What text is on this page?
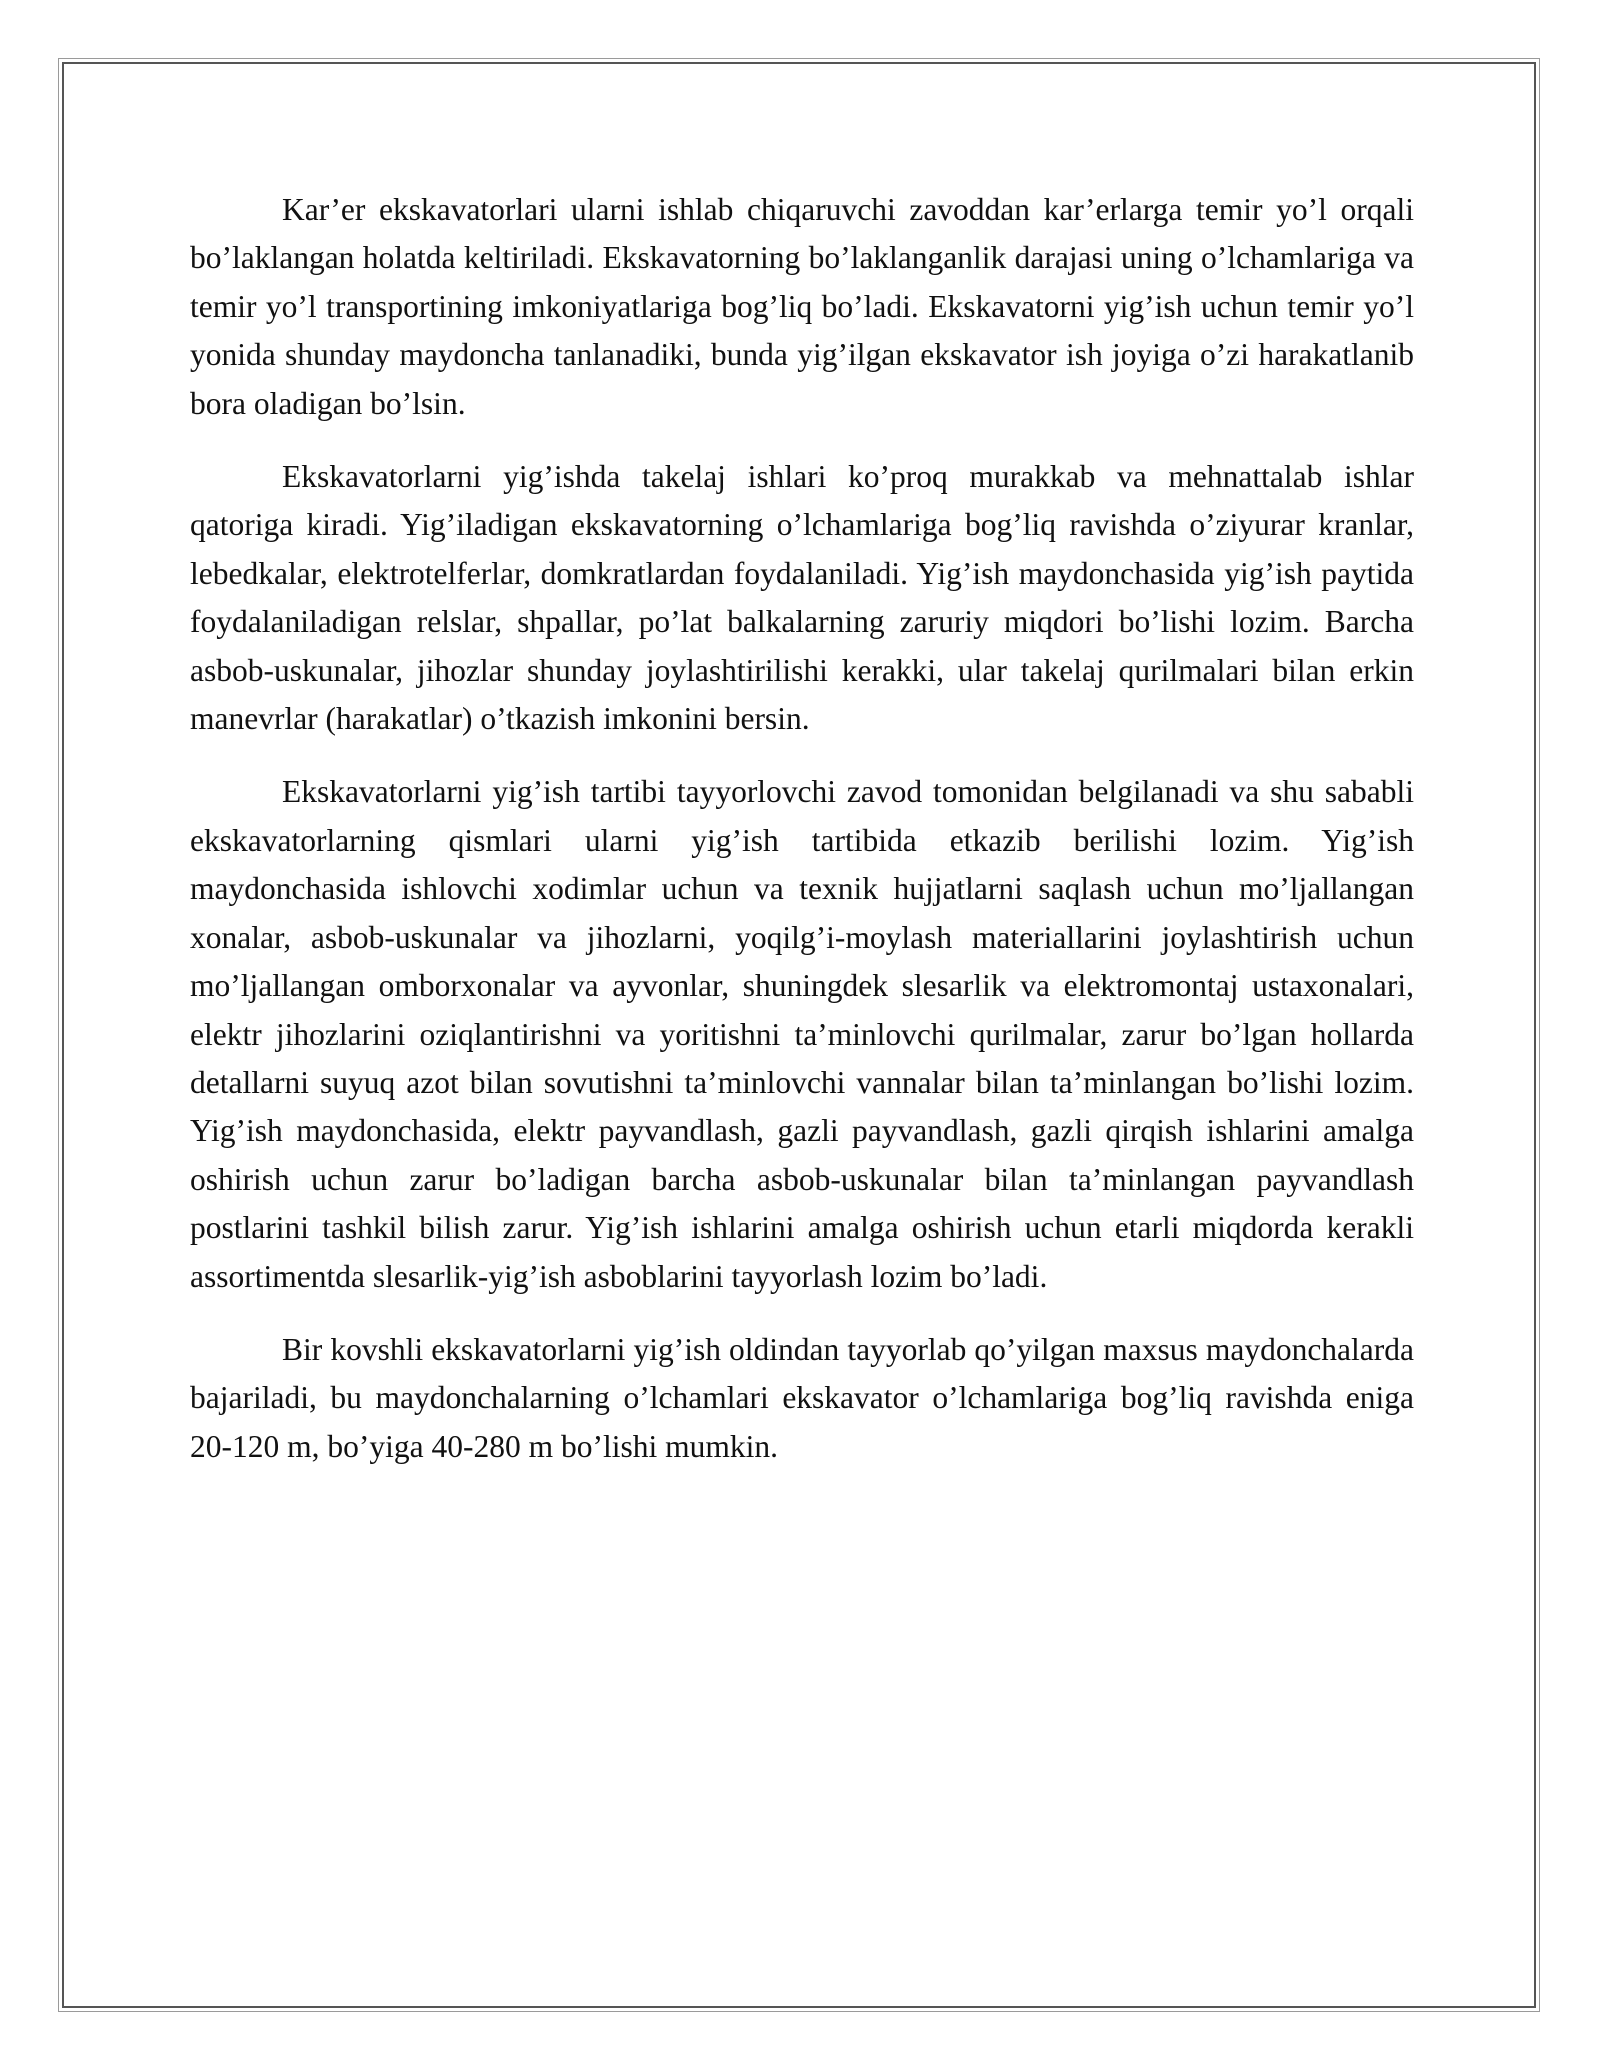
Kar’er ekskavatorlari ularni ishlab chiqaruvchi zavoddan kar’erlarga temir yo’l orqali bo’laklangan holatda keltiriladi. Ekskavatorning bo’laklanganlik darajasi uning o’lchamlariga va temir yo’l transportining imkoniyatlariga bog’liq bo’ladi. Ekskavatorni yig’ish uchun temir yo’l yonida shunday maydoncha tanlanadiki, bunda yig’ilgan ekskavator ish joyiga o’zi harakatlanib bora oladigan bo’lsin.

Ekskavatorlarni yig’ishda takelaj ishlari ko’proq murakkab va mehnattalab ishlar qatoriga kiradi. Yig’iladigan ekskavatorning o’lchamlariga bog’liq ravishda o’ziyurar kranlar, lebedkalar, elektrotelferlar, domkratlardan foydalaniladi. Yig’ish maydonchasida yig’ish paytida foydalaniladigan relslar, shpallar, po’lat balkalarning zaruriy miqdori bo’lishi lozim. Barcha asbob-uskunalar, jihozlar shunday joylashtirilishi kerakki, ular takelaj qurilmalari bilan erkin manevrlar (harakatlar) o’tkazish imkonini bersin.

Ekskavatorlarni yig’ish tartibi tayyorlovchi zavod tomonidan belgilanadi va shu sababli ekskavatorlarning qismlari ularni yig’ish tartibida etkazib berilishi lozim. Yig’ish maydonchasida ishlovchi xodimlar uchun va texnik hujjatlarni saqlash uchun mo’ljallangan xonalar, asbob-uskunalar va jihozlarni, yoqilg’i-moylash materiallarini joylashtirish uchun mo’ljallangan omborxonalar va ayvonlar, shuningdek slesarlik va elektromontaj ustaxonalari, elektr jihozlarini oziqlantirishni va yoritishni ta’minlovchi qurilmalar, zarur bo’lgan hollarda detallarni suyuq azot bilan sovutishni ta’minlovchi vannalar bilan ta’minlangan bo’lishi lozim. Yig’ish maydonchasida, elektr payvandlash, gazli payvandlash, gazli qirqish ishlarini amalga oshirish uchun zarur bo’ladigan barcha asbob-uskunalar bilan ta’minlangan payvandlash postlarini tashkil bilish zarur. Yig’ish ishlarini amalga oshirish uchun etarli miqdorda kerakli assortimentda slesarlik-yig’ish asboblarini tayyorlash lozim bo’ladi.

Bir kovshli ekskavatorlarni yig’ish oldindan tayyorlab qo’yilgan maxsus maydonchalarda bajariladi, bu maydonchalarning o’lchamlari ekskavator o’lchamlariga bog’liq ravishda eniga 20-120 m, bo’yiga 40-280 m bo’lishi mumkin.
